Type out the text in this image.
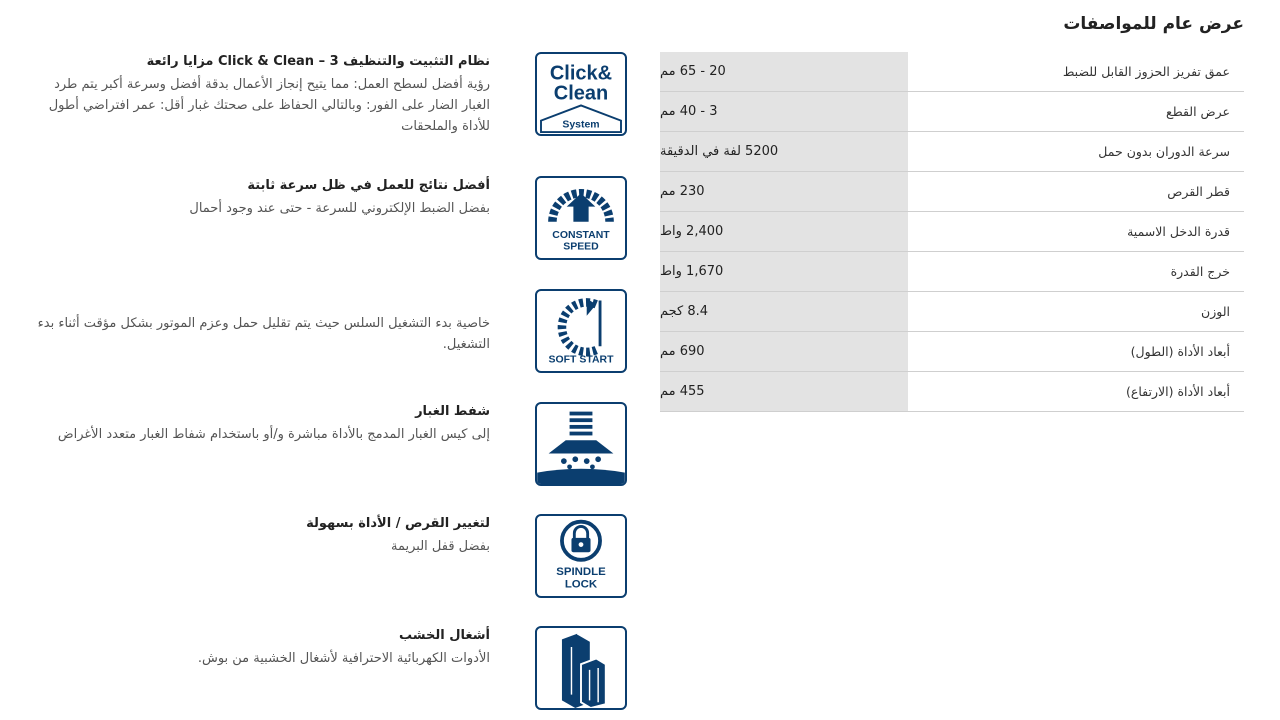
عرض عام للمواصفات
20 - 65 مم	عمق تفريز الحزوز القابل للضبط
3 - 40 مم	عرض القطع
5200 لفة في الدقيقة	سرعة الدوران بدون حمل
230 مم	قطر القرص
2,400 واط	قدرة الدخل الاسمية
1,670 واط	خرج القدرة
8.4 كجم	الوزن
690 مم	أبعاد الأداة (الطول)
455 مم	أبعاد الأداة (الارتفاع)
Click&
Clean
System

نظام التثبيت والتنظيف Click & Clean – 3 مزايا رائعة

رؤية أفضل لسطح العمل: مما يتيح إنجاز الأعمال بدقة أفضل وسرعة أكبر يتم طرد الغبار الضار على الفور: وبالتالي الحفاظ على صحتك غبار أقل: عمر افتراضي أطول للأداة والملحقات

CONSTANT
SPEED

أفضل نتائج للعمل في ظل سرعة ثابتة

بفضل الضبط الإلكتروني للسرعة - حتى عند وجود أحمال

SOFT START

خاصية بدء التشغيل السلس حيث يتم تقليل حمل وعزم الموتور بشكل مؤقت أثناء بدء التشغيل.

شفط الغبار

إلى كيس الغبار المدمج بالأداة مباشرة و/أو باستخدام شفاط الغبار متعدد الأغراض

SPINDLE
LOCK

لتغيير القرص / الأداة بسهولة

بفضل قفل البريمة

أشغال الخشب

الأدوات الكهربائية الاحترافية لأشغال الخشبية من بوش.
